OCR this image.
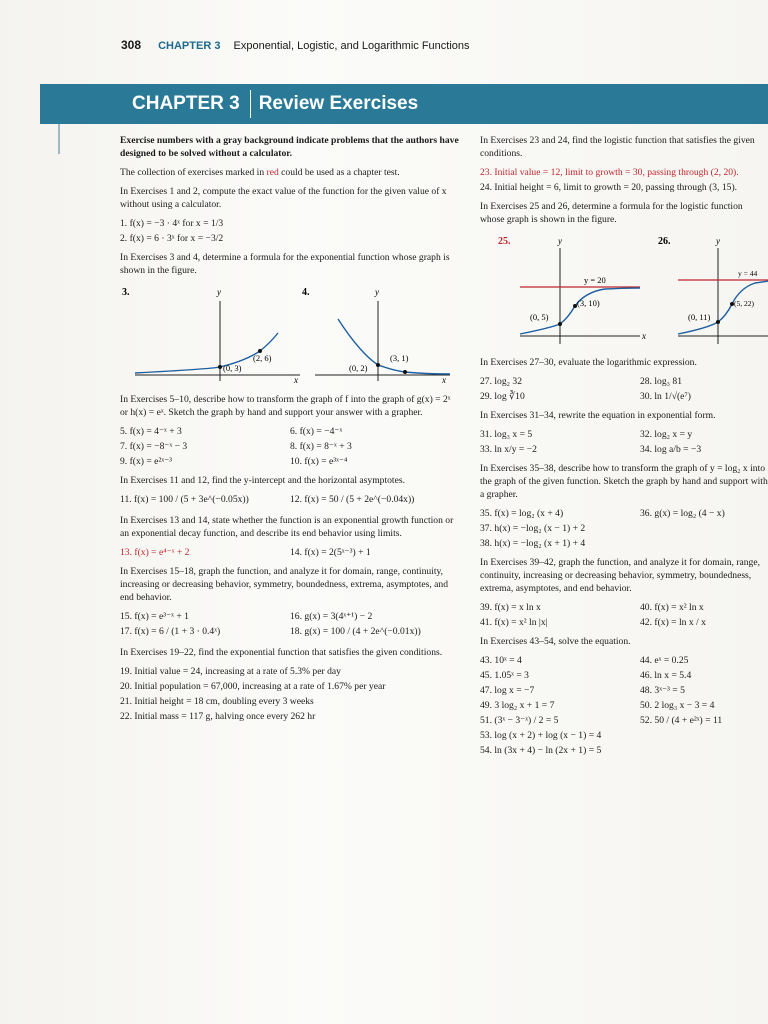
308 CHAPTER 3 Exponential, Logistic, and Logarithmic Functions
CHAPTER 3 Review Exercises

Exercise numbers with a gray background indicate problems that the authors have designed to be solved without a calculator.

The collection of exercises marked in red could be used as a chapter test.

In Exercises 1 and 2, compute the exact value of the function for the given value of x without using a calculator.

1. f(x) = −3 · 4ˣ for x = 1/3
2. f(x) = 6 · 3ˣ for x = −3/2

In Exercises 3 and 4, determine a formula for the exponential function whose graph is shown in the figure.

3.	y
x
(2, 6)
(0, 3)
4.	y
x
(3, 1)
(0, 2)

In Exercises 5–10, describe how to transform the graph of f into the graph of g(x) = 2ˣ or h(x) = eˣ. Sketch the graph by hand and support your answer with a grapher.

5. f(x) = 4⁻ˣ + 3	6. f(x) = −4⁻ˣ
7. f(x) = −8⁻ˣ − 3	8. f(x) = 8⁻ˣ + 3
9. f(x) = e²ˣ⁻³	10. f(x) = e³ˣ⁻⁴

In Exercises 11 and 12, find the y-intercept and the horizontal asymptotes.

11. f(x) = 100 / (5 + 3e^(−0.05x))	12. f(x) = 50 / (5 + 2e^(−0.04x))

In Exercises 13 and 14, state whether the function is an exponential growth function or an exponential decay function, and describe its end behavior using limits.

13. f(x) = e⁴⁻ˣ + 2	14. f(x) = 2(5ˣ⁻³) + 1

In Exercises 15–18, graph the function, and analyze it for domain, range, continuity, increasing or decreasing behavior, symmetry, boundedness, extrema, asymptotes, and end behavior.

15. f(x) = e³⁻ˣ + 1	16. g(x) = 3(4ˣ⁺¹) − 2
17. f(x) = 6 / (1 + 3 · 0.4ˣ)	18. g(x) = 100 / (4 + 2e^(−0.01x))

In Exercises 19–22, find the exponential function that satisfies the given conditions.

19. Initial value = 24, increasing at a rate of 5.3% per day
20. Initial population = 67,000, increasing at a rate of 1.67% per year
21. Initial height = 18 cm, doubling every 3 weeks
22. Initial mass = 117 g, halving once every 262 hr

In Exercises 23 and 24, find the logistic function that satisfies the given conditions.

23. Initial value = 12, limit to growth = 30, passing through (2, 20).
24. Initial height = 6, limit to growth = 20, passing through (3, 15).

In Exercises 25 and 26, determine a formula for the logistic function whose graph is shown in the figure.

25.	y
x
y = 20
(3, 10)
(0, 5)
26.	y
y = 44
(5, 22)
(0, 11)

In Exercises 27–30, evaluate the logarithmic expression.

27. log₂ 32	28. log₃ 81
29. log ∛10	30. ln 1/√(e⁷)

In Exercises 31–34, rewrite the equation in exponential form.

31. log₃ x = 5	32. log₂ x = y
33. ln x/y = −2	34. log a/b = −3

In Exercises 35–38, describe how to transform the graph of y = log₂ x into the graph of the given function. Sketch the graph by hand and support with a grapher.

35. f(x) = log₂ (x + 4)	36. g(x) = log₂ (4 − x)
37. h(x) = −log₂ (x − 1) + 2
38. h(x) = −log₂ (x + 1) + 4

In Exercises 39–42, graph the function, and analyze it for domain, range, continuity, increasing or decreasing behavior, symmetry, boundedness, extrema, asymptotes, and end behavior.

39. f(x) = x ln x	40. f(x) = x² ln x
41. f(x) = x² ln |x|	42. f(x) = ln x / x

In Exercises 43–54, solve the equation.

43. 10ˣ = 4	44. eˣ = 0.25
45. 1.05ˣ = 3	46. ln x = 5.4
47. log x = −7	48. 3ˣ⁻³ = 5
49. 3 log₂ x + 1 = 7	50. 2 log₃ x − 3 = 4
51. (3ˣ − 3⁻ˣ) / 2 = 5	52. 50 / (4 + e²ˣ) = 11
53. log (x + 2) + log (x − 1) = 4
54. ln (3x + 4) − ln (2x + 1) = 5
